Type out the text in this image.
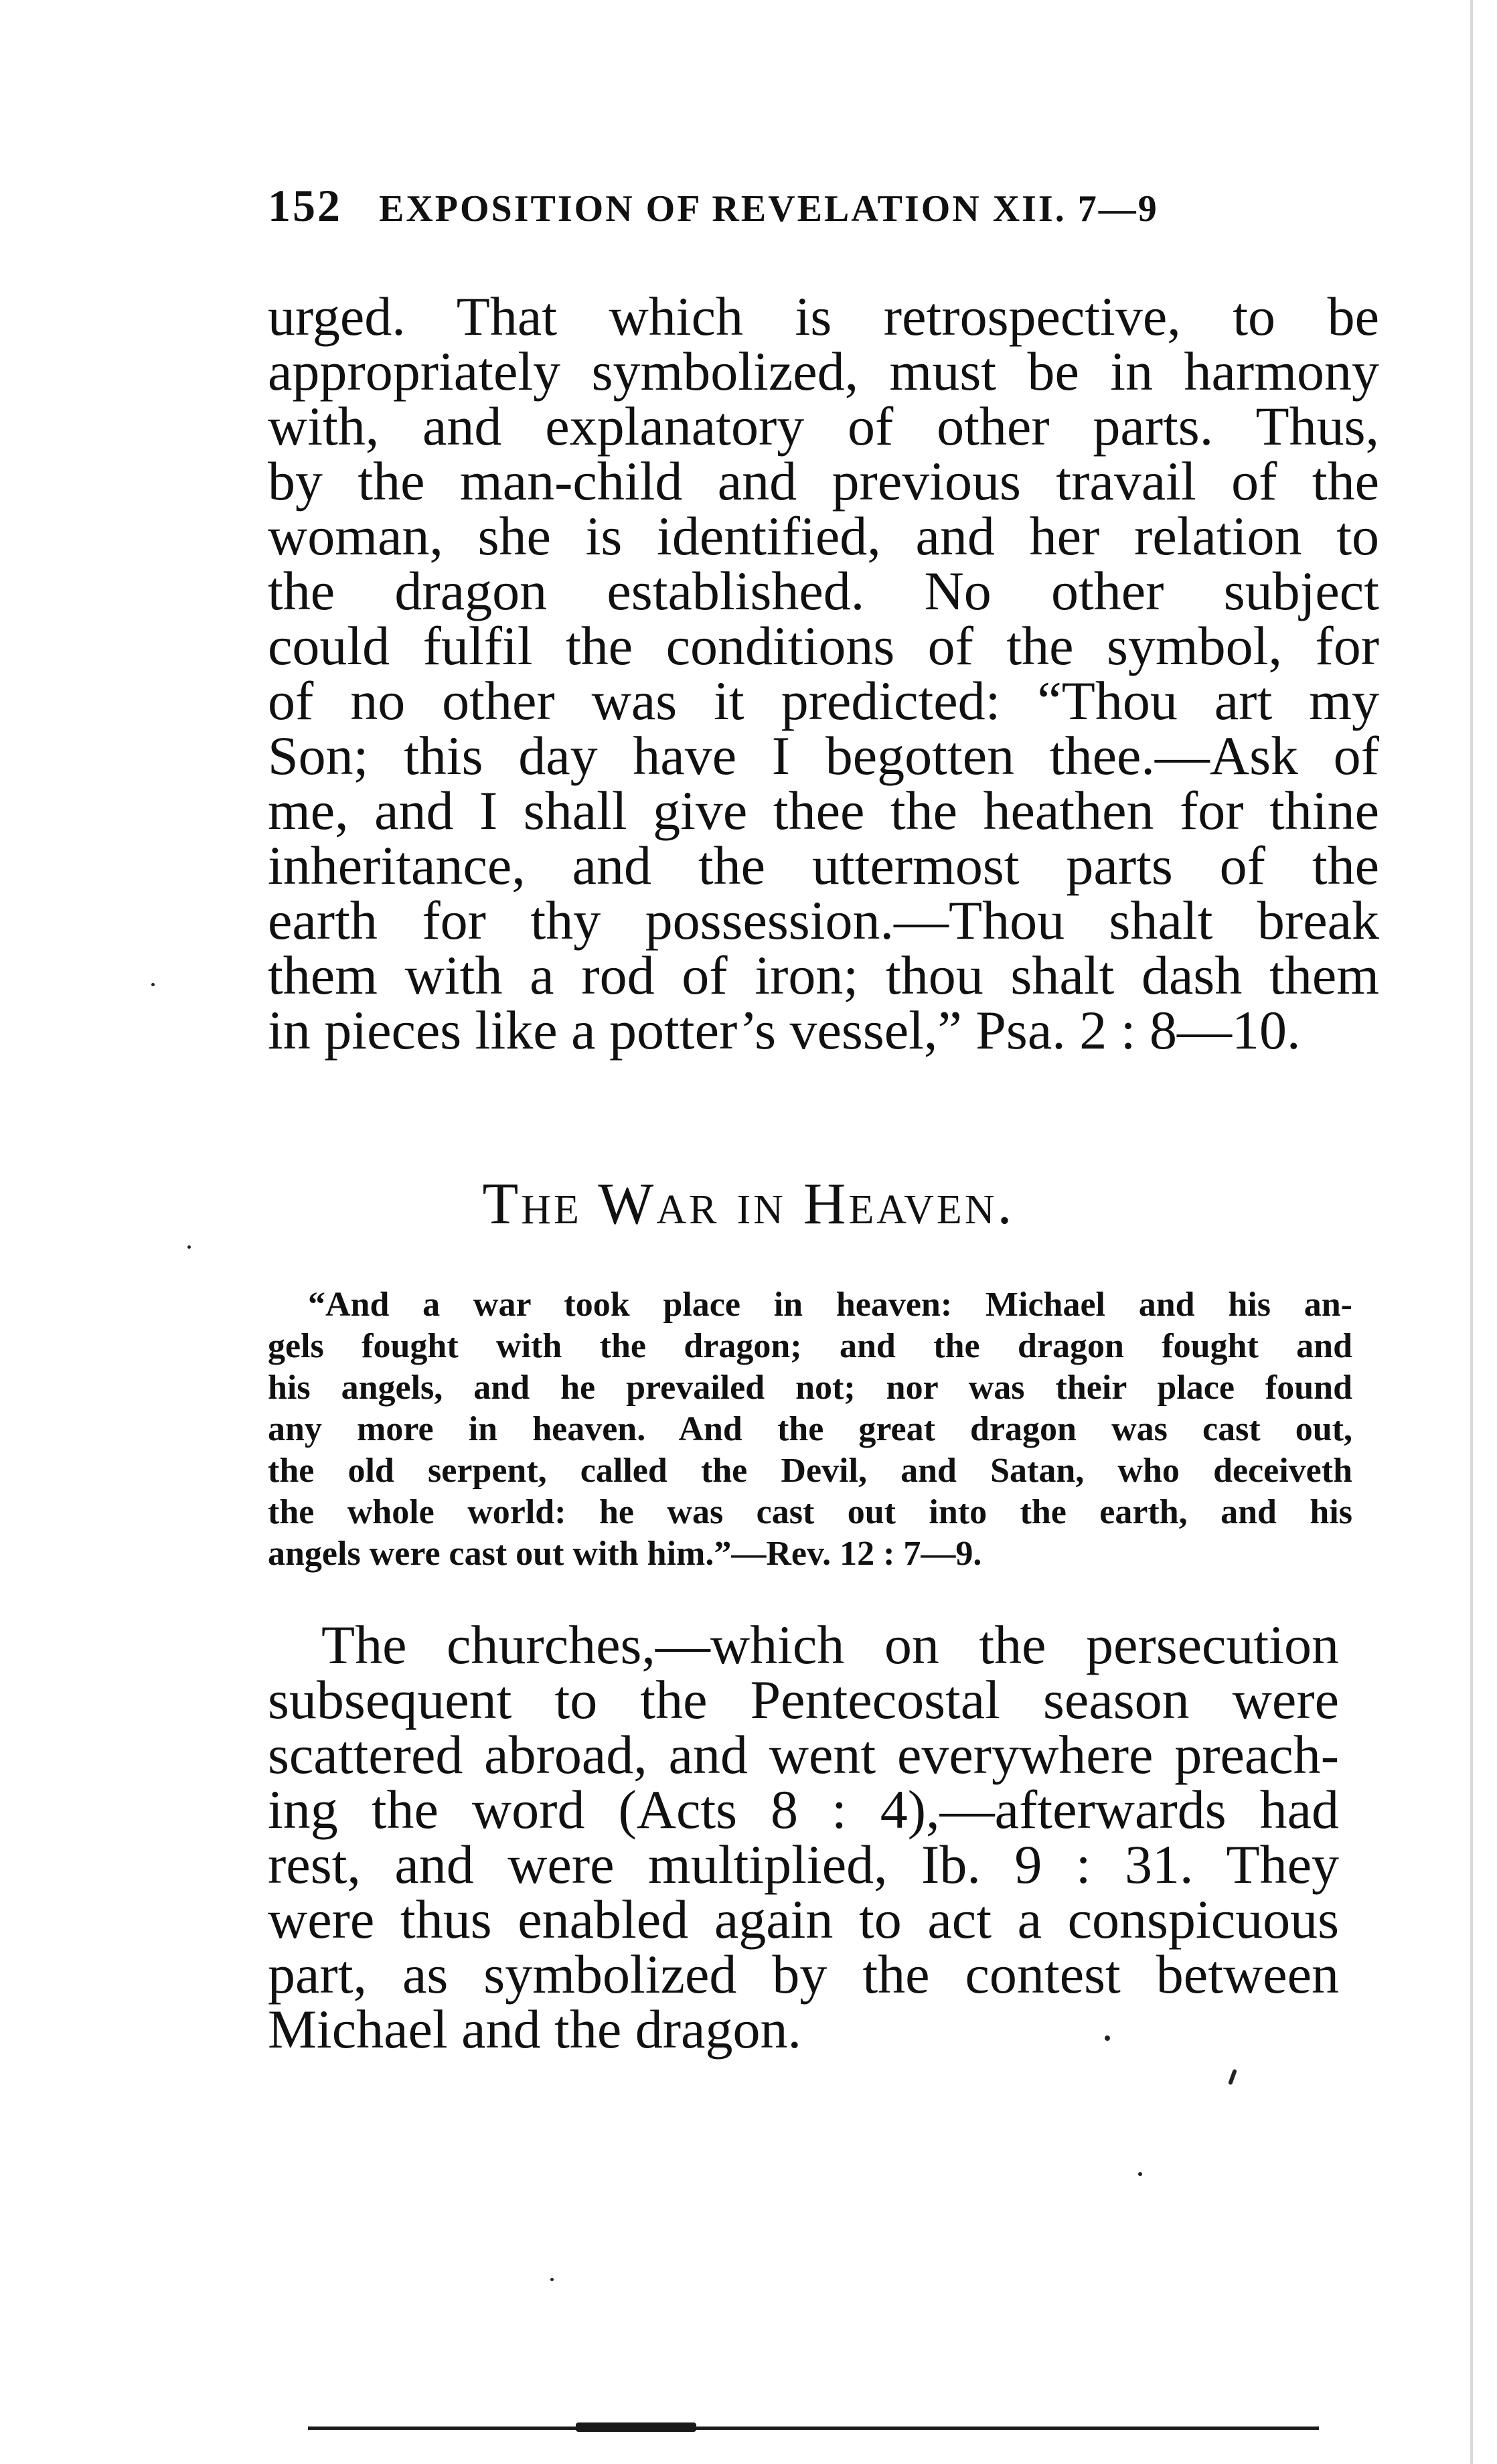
152 EXPOSITION OF REVELATION XII. 7—9
urged. That which is retrospective, to be
appropriately symbolized, must be in harmony
with, and explanatory of other parts. Thus,
by the man-child and previous travail of the
woman, she is identified, and her relation to
the dragon established. No other subject
could fulfil the conditions of the symbol, for
of no other was it predicted: “Thou art my
Son; this day have I begotten thee.—Ask of
me, and I shall give thee the heathen for thine
inheritance, and the uttermost parts of the
earth for thy possession.—Thou shalt break
them with a rod of iron; thou shalt dash them
in pieces like a potter’s vessel,” Psa. 2 : 8—10.
The War in Heaven.
“And a war took place in heaven: Michael and his an-
gels fought with the dragon; and the dragon fought and
his angels, and he prevailed not; nor was their place found
any more in heaven. And the great dragon was cast out,
the old serpent, called the Devil, and Satan, who deceiveth
the whole world: he was cast out into the earth, and his
angels were cast out with him.”—Rev. 12 : 7—9.
The churches,—which on the persecution
subsequent to the Pentecostal season were
scattered abroad, and went everywhere preach-
ing the word (Acts 8 : 4),—afterwards had
rest, and were multiplied, Ib. 9 : 31. They
were thus enabled again to act a conspicuous
part, as symbolized by the contest between
Michael and the dragon.
